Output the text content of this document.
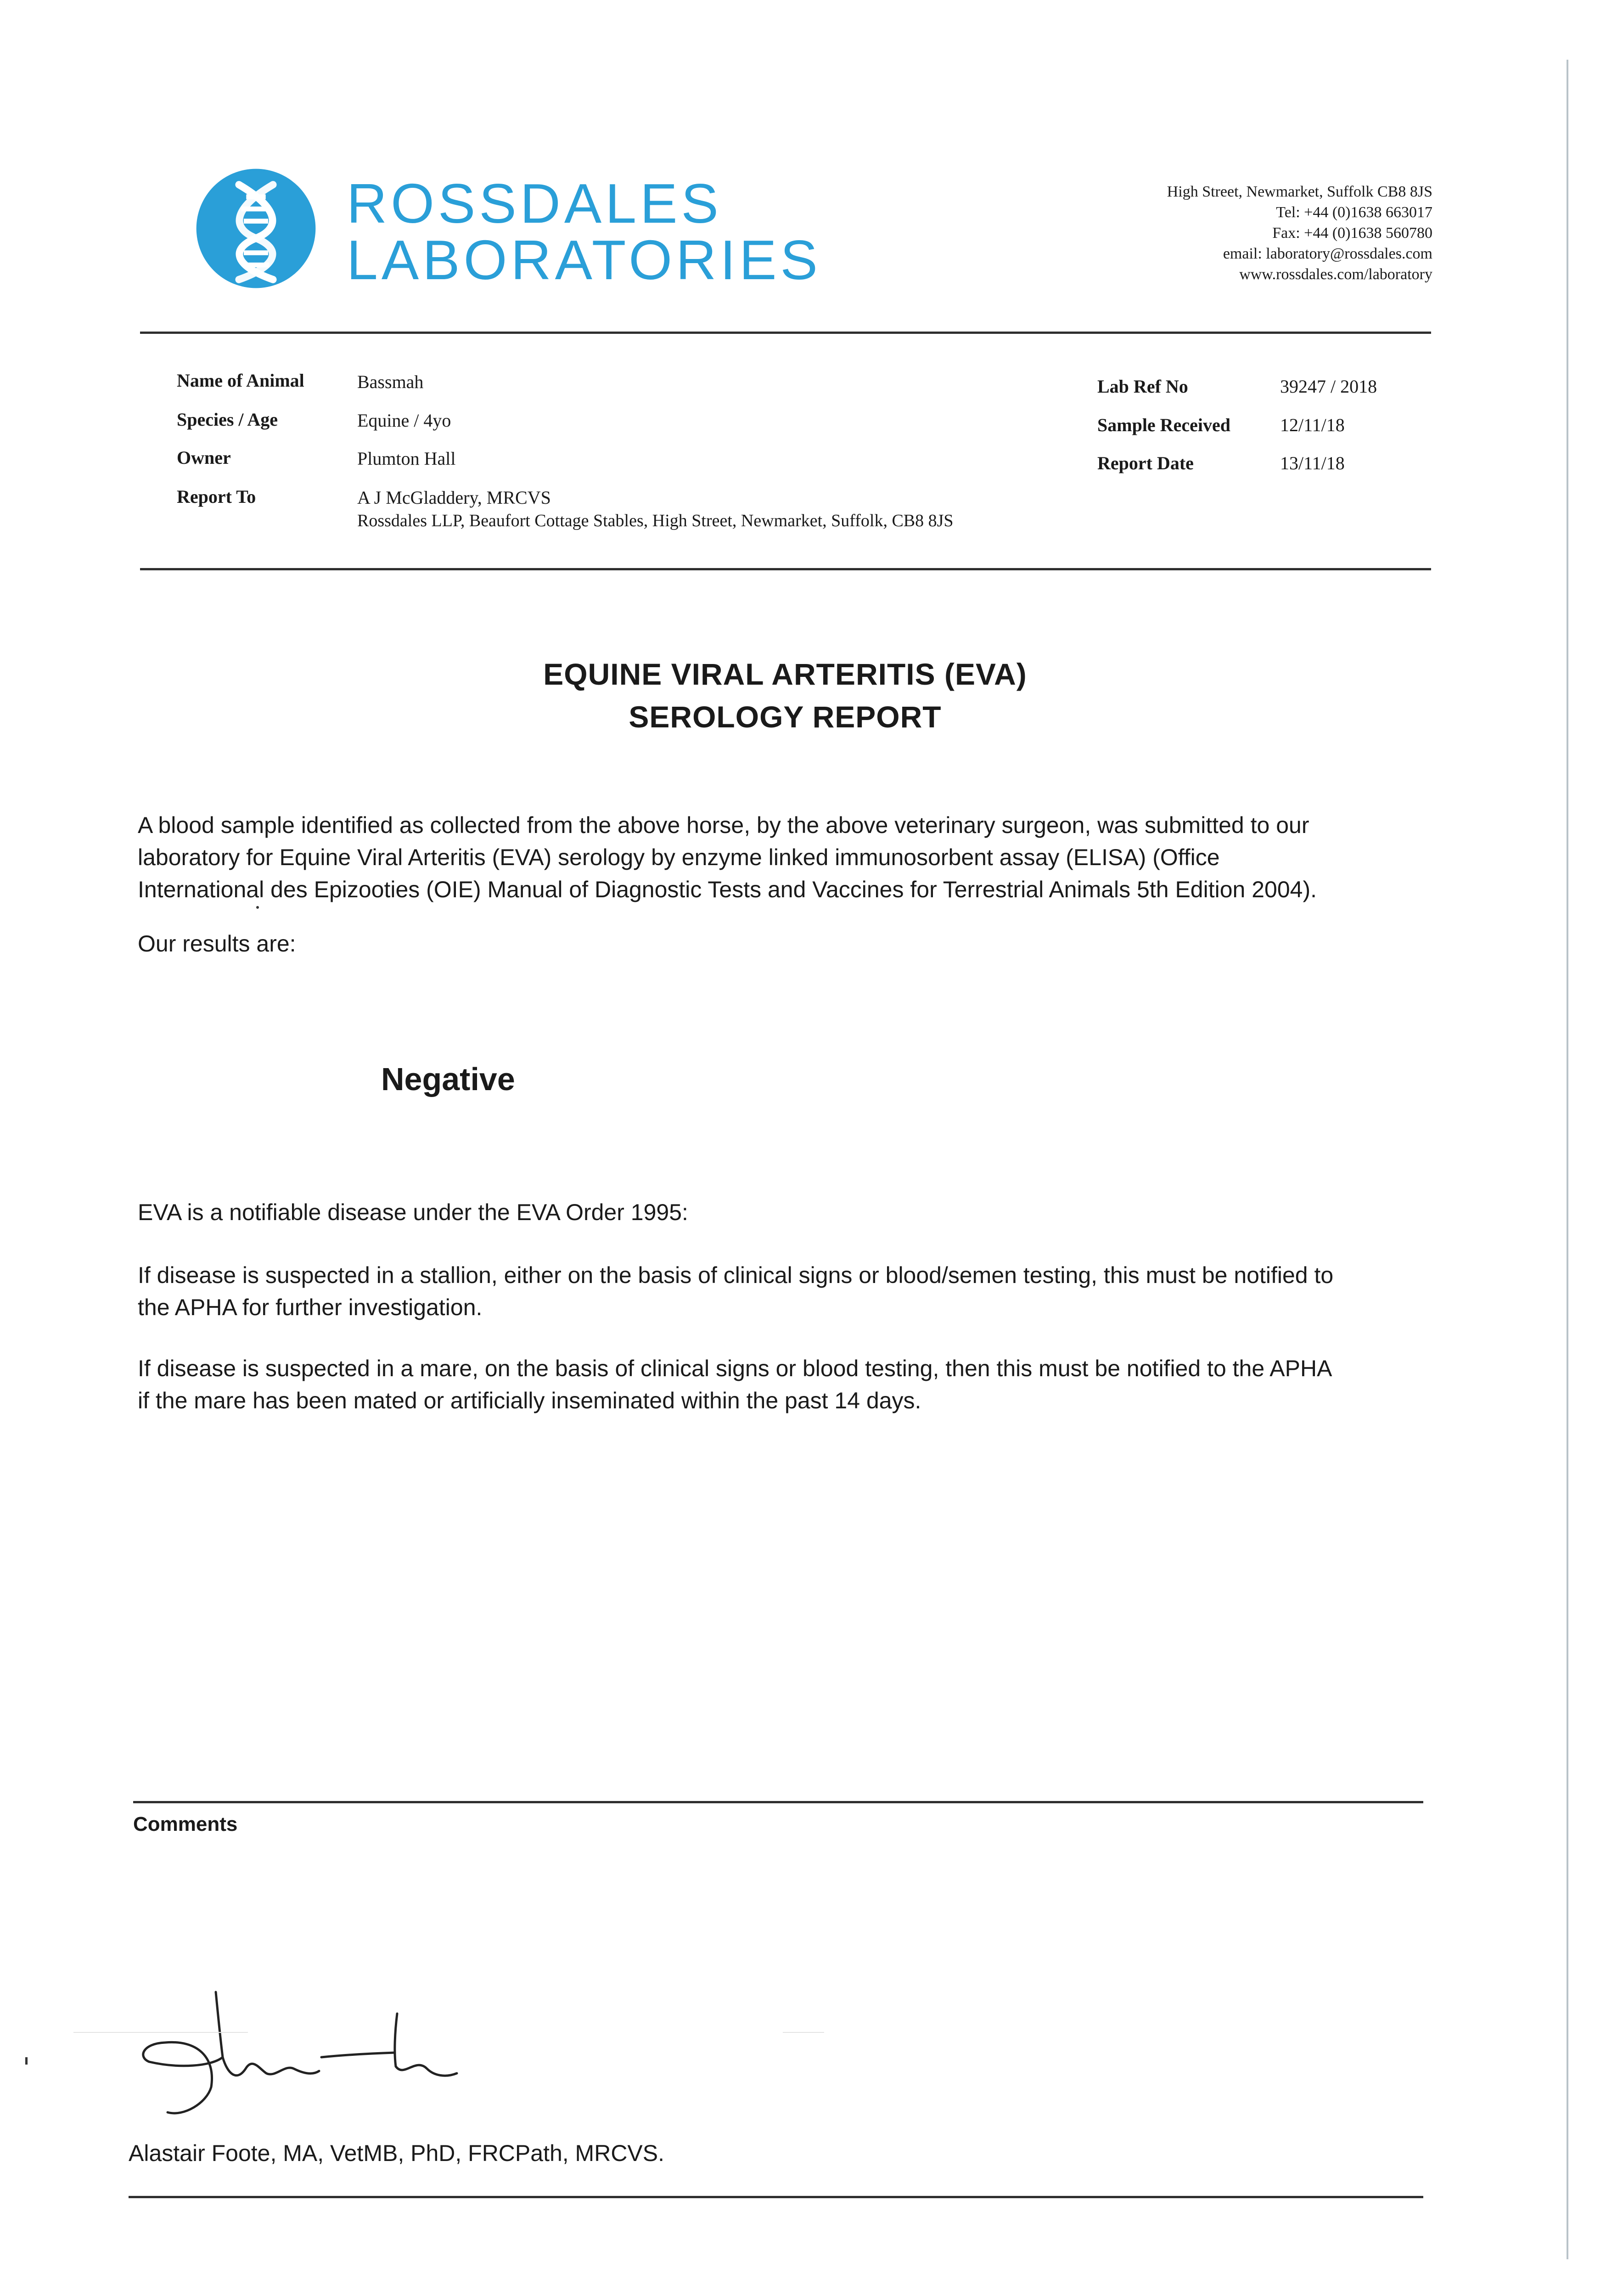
ROSSDALES
LABORATORIES
High Street, Newmarket, Suffolk CB8 8JS
Tel: +44 (0)1638 663017
Fax: +44 (0)1638 560780
email: laboratory@rossdales.com
www.rossdales.com/laboratory
Name of Animal	Bassmah
Species / Age	Equine / 4yo
Owner	Plumton Hall
Report To	A J McGladdery, MRCVS
Rossdales LLP, Beaufort Cottage Stables, High Street, Newmarket, Suffolk, CB8 8JS
Lab Ref No	39247 / 2018
Sample Received	12/11/18
Report Date	13/11/18
EQUINE VIRAL ARTERITIS (EVA)
SEROLOGY REPORT
A blood sample identified as collected from the above horse, by the above veterinary surgeon, was submitted to our
laboratory for Equine Viral Arteritis (EVA) serology by enzyme linked immunosorbent assay (ELISA) (Office
International des Epizooties (OIE) Manual of Diagnostic Tests and Vaccines for Terrestrial Animals 5th Edition 2004).
Our results are:
Negative
EVA is a notifiable disease under the EVA Order 1995:
If disease is suspected in a stallion, either on the basis of clinical signs or blood/semen testing, this must be notified to
the APHA for further investigation.
If disease is suspected in a mare, on the basis of clinical signs or blood testing, then this must be notified to the APHA
if the mare has been mated or artificially inseminated within the past 14 days.
Comments
Alastair Foote, MA, VetMB, PhD, FRCPath, MRCVS.
